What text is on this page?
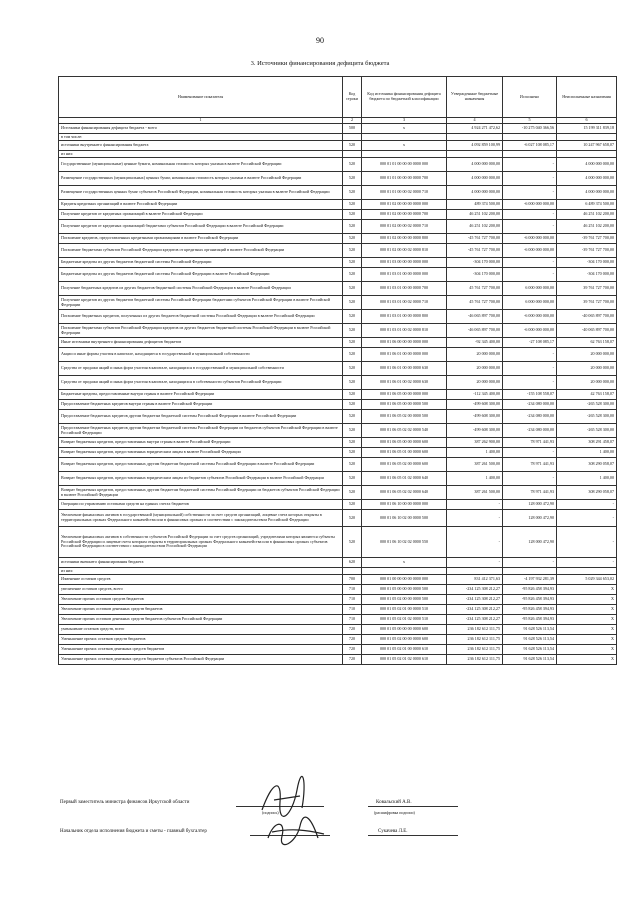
90
3. Источники финансирования дефицита бюджета
Наименование показателя	Код строки	Код источника финансирования дефицита бюджета по бюджетной классификации	Утвержденные бюджетные назначения	Исполнено	Неисполненные назначения
1	2	3	4	5	6
Источники финансирования дефицита бюджета - всего	500	x	4 924 271 472,62	-10 275 040 366,56	15 199 311 839,18
в том числе:					
источники внутреннего финансирования бюджета	520	x	4 092 859 100,99	-6 027 108 085,17	10 247 967 658,07
из них:					
Государственные (муниципальные) ценные бумаги, номинальная стоимость которых указана в валюте Российской Федерации	520	000 01 01 00 00 00 0000 000	4 000 000 000,00	-	4 000 000 000,00
Размещение государственных (муниципальных) ценных бумаг, номинальная стоимость которых указана в валюте Российской Федерации	520	000 01 01 00 00 00 0000 700	4 000 000 000,00	-	4 000 000 000,00
Размещение государственных ценных бумаг субъектов Российской Федерации, номинальная стоимость которых указана в валюте Российской Федерации	520	000 01 01 00 00 02 0000 710	4 000 000 000,00	-	4 000 000 000,00
Кредиты кредитных организаций в валюте Российской Федерации	520	000 01 02 00 00 00 0000 000	489 374 500,00	-6 000 000 000,00	6 489 374 500,00
Получение кредитов от кредитных организаций в валюте Российской Федерации	520	000 01 02 00 00 00 0000 700	46 251 102 200,00	-	46 251 102 200,00
Получение кредитов от кредитных организаций бюджетами субъектов Российской Федерации в валюте Российской Федерации	520	000 01 02 00 00 02 0000 710	46 251 102 200,00	-	46 251 102 200,00
Погашение кредитов, предоставленных кредитными организациями в валюте Российской Федерации	520	000 01 02 00 00 00 0000 800	-45 761 727 700,00	-6 000 000 000,00	-39 761 727 700,00
Погашение бюджетами субъектов Российской Федерации кредитов от кредитных организаций в валюте Российской Федерации	520	000 01 02 00 00 02 0000 810	-45 761 727 700,00	-6 000 000 000,00	-39 761 727 700,00
Бюджетные кредиты из других бюджетов бюджетной системы Российской Федерации	520	000 01 03 00 00 00 0000 000	-304 170 000,00	-	-304 170 000,00
Бюджетные кредиты из других бюджетов бюджетной системы Российской Федерации в валюте Российской Федерации	520	000 01 03 01 00 00 0000 000	-304 170 000,00	-	-304 170 000,00
Получение бюджетных кредитов из других бюджетов бюджетной системы Российской Федерации в валюте Российской Федерации	520	000 01 03 01 00 00 0000 700	45 761 727 700,00	6 000 000 000,00	39 761 727 700,00
Получение кредитов из других бюджетов бюджетной системы Российской Федерации бюджетами субъектов Российской Федерации в валюте Российской Федерации	520	000 01 03 01 00 02 0000 710	45 761 727 700,00	6 000 000 000,00	39 761 727 700,00
Погашение бюджетных кредитов, полученных из других бюджетов бюджетной системы Российской Федерации в валюте Российской Федерации	520	000 01 03 01 00 00 0000 800	-46 065 897 700,00	-6 000 000 000,00	-40 065 897 700,00
Погашение бюджетами субъектов Российской Федерации кредитов из других бюджетов бюджетной системы Российской Федерации в валюте Российской Федерации	520	000 01 03 01 00 02 0000 810	-46 065 897 700,00	-6 000 000 000,00	-40 065 897 700,00
Иные источники внутреннего финансирования дефицитов бюджетов	520	000 01 06 00 00 00 0000 000	-92 345 400,00	-27 108 085,17	62 763 158,07
Акции и иные формы участия в капитале, находящиеся в государственной и муниципальной собственности	520	000 01 06 01 00 00 0000 000	20 000 000,00	-	20 000 000,00
Средства от продажи акций и иных форм участия в капитале, находящихся в государственной и муниципальной собственности	520	000 01 06 01 00 00 0000 630	20 000 000,00	-	20 000 000,00
Средства от продажи акций и иных форм участия в капитале, находящихся в собственности субъектов Российской Федерации	520	000 01 06 01 00 02 0000 630	20 000 000,00	-	20 000 000,00
Бюджетные кредиты, предоставленные внутри страны в валюте Российской Федерации	520	000 01 06 05 00 00 0000 000	-112 345 400,00	-155 108 558,07	42 763 158,07
Предоставление бюджетных кредитов внутри страны в валюте Российской Федерации	520	000 01 06 05 00 00 0000 500	-499 608 300,00	-234 080 000,00	-265 528 300,00
Предоставление бюджетных кредитов другим бюджетам бюджетной системы Российской Федерации в валюте Российской Федерации	520	000 01 06 05 02 00 0000 500	-499 608 300,00	-234 080 000,00	-265 528 300,00
Предоставление бюджетных кредитов другим бюджетам бюджетной системы Российской Федерации из бюджетов субъектов Российской Федерации в валюте Российской Федерации	520	000 01 06 05 02 02 0000 540	-499 608 300,00	-234 080 000,00	-265 528 300,00
Возврат бюджетных кредитов, предоставленных внутри страны в валюте Российской Федерации	520	000 01 06 05 00 00 0000 600	387 262 900,00	78 971 441,93	308 291 458,07
Возврат бюджетных кредитов, предоставленных юридическим лицам в валюте Российской Федерации	520	000 01 06 05 01 00 0000 600	1 400,00	-	1 400,00
Возврат бюджетных кредитов, предоставленных другим бюджетам бюджетной системы Российской Федерации в валюте Российской Федерации	520	000 01 06 05 02 00 0000 600	387 261 500,00	78 971 441,93	308 290 058,07
Возврат бюджетных кредитов, предоставленных юридическим лицам из бюджетов субъектов Российской Федерации в валюте Российской Федерации	520	000 01 06 05 01 02 0000 640	1 400,00	-	1 400,00
Возврат бюджетных кредитов, предоставленных другим бюджетам бюджетной системы Российской Федерации из бюджетов субъектов Российской Федерации в валюте Российской Федерации	520	000 01 06 05 02 02 0000 640	387 261 500,00	78 971 441,93	308 290 058,07
Операции по управлению остатками средств на единых счетах бюджетов	520	000 01 06 10 00 00 0000 000	-	128 000 472,90	-
Увеличение финансовых активов в государственной (муниципальной) собственности за счет средств организаций, лицевые счета которых открыты в территориальных органах Федерального казначейства или в финансовых органах в соответствии с законодательством Российской Федерации	520	000 01 06 10 02 00 0000 500	-	128 000 472,90	-
Увеличение финансовых активов в собственности субъектов Российской Федерации за счет средств организаций, учредителями которых являются субъекты Российской Федерации и лицевые счета которым открыты в территориальных органах Федерального казначейства или в финансовых органах субъектов Российской Федерации в соответствии с законодательством Российской Федерации	520	000 01 06 10 02 02 0000 550	-	128 000 472,90	-
источники внешнего финансирования бюджета	620	x	-	-	-
из них:					
Изменение остатков средств	700	000 01 00 00 00 00 0000 000	831 412 371,63	-4 197 932 281,39	5 029 344 653,02
увеличение остатков средств, всего	710	000 01 05 00 00 00 0000 500	-234 125 308 212,27	-95 826 458 394,93	X
Увеличение прочих остатков средств бюджетов	710	000 01 05 02 00 00 0000 500	-234 125 308 212,27	-95 826 458 394,93	X
Увеличение прочих остатков денежных средств бюджетов	710	000 01 05 02 01 00 0000 510	-234 125 308 212,27	-95 826 458 394,93	X
Увеличение прочих остатков денежных средств бюджетов субъектов Российской Федерации	710	000 01 05 02 01 02 0000 510	-234 125 308 212,27	-95 826 458 394,93	X
уменьшение остатков средств, всего	720	000 01 05 00 00 00 0000 600	236 182 612 111,75	91 628 526 113,54	X
Уменьшение прочих остатков средств бюджетов	720	000 01 05 02 00 00 0000 600	236 182 612 111,75	91 628 526 113,54	X
Уменьшение прочих остатков денежных средств бюджетов	720	000 01 05 02 01 00 0000 610	236 182 612 111,75	91 628 526 113,54	X
Уменьшение прочих остатков денежных средств бюджетов субъектов Российской Федерации	720	000 01 05 02 01 02 0000 610	236 182 612 111,75	91 628 526 113,54	X
Первый заместитель министра финансов Иркутской области
(подпись)
Ковальский А.В.
(расшифровка подписи)
Начальник отдела исполнения бюджета и сметы - главный бухгалтер	Сукачева Л.Е.
